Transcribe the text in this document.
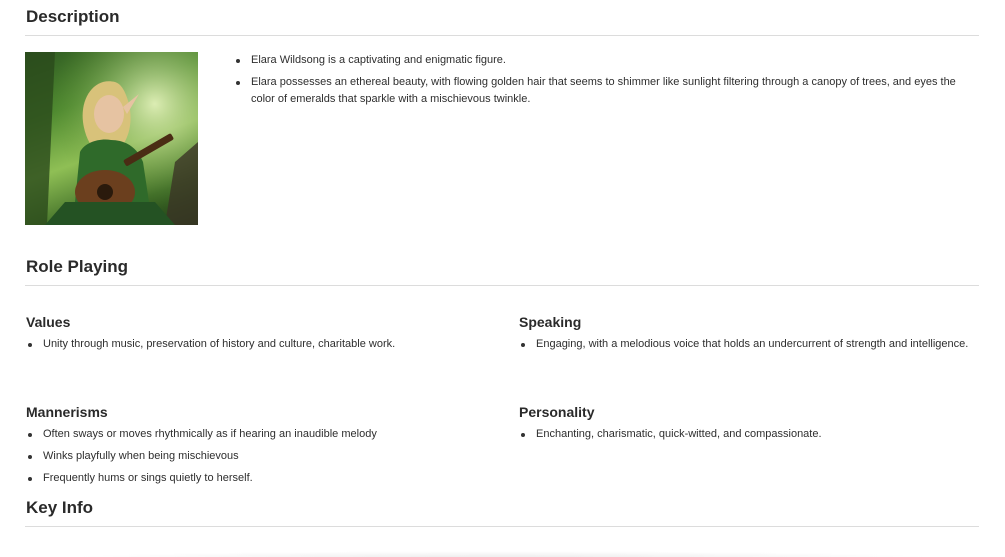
Description
Elara Wildsong is a captivating and enigmatic figure.
Elara possesses an ethereal beauty, with flowing golden hair that seems to shimmer like sunlight filtering through a canopy of trees, and eyes the color of emeralds that sparkle with a mischievous twinkle.
Role Playing
Values
Unity through music, preservation of history and culture, charitable work.
Mannerisms
Often sways or moves rhythmically as if hearing an inaudible melody
Winks playfully when being mischievous
Frequently hums or sings quietly to herself.
Speaking
Engaging, with a melodious voice that holds an undercurrent of strength and intelligence.
Personality
Enchanting, charismatic, quick-witted, and compassionate.
Key Info
